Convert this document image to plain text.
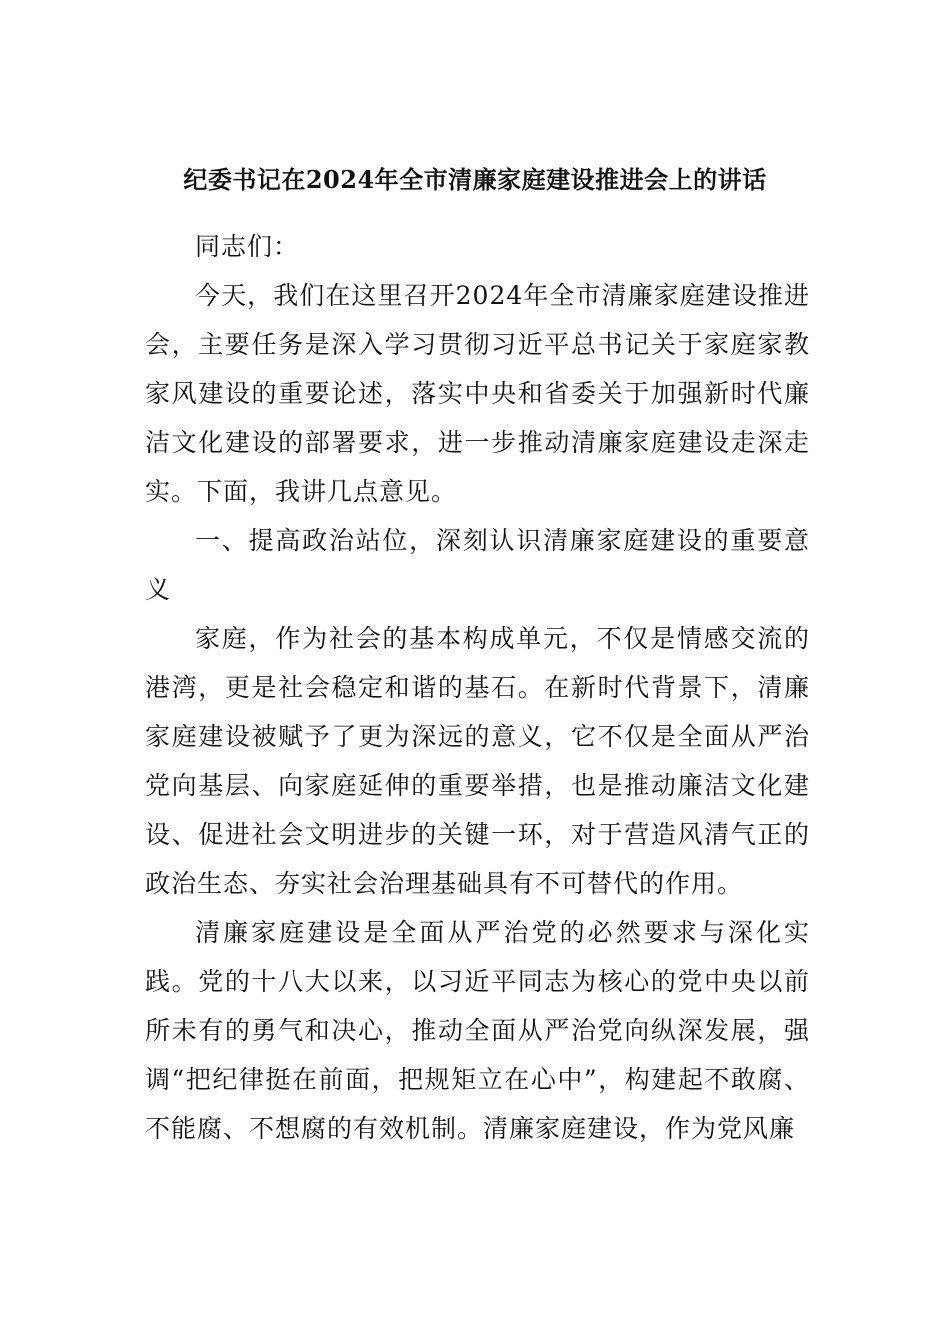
纪委书记在2024年全市清廉家庭建设推进会上的讲话

同志们：

今天，我们在这里召开2024年全市清廉家庭建设推进会，主要任务是深入学习贯彻习近平总书记关于家庭家教家风建设的重要论述，落实中央和省委关于加强新时代廉洁文化建设的部署要求，进一步推动清廉家庭建设走深走实。下面，我讲几点意见。

一、提高政治站位，深刻认识清廉家庭建设的重要意义

家庭，作为社会的基本构成单元，不仅是情感交流的港湾，更是社会稳定和谐的基石。在新时代背景下，清廉家庭建设被赋予了更为深远的意义，它不仅是全面从严治党向基层、向家庭延伸的重要举措，也是推动廉洁文化建设、促进社会文明进步的关键一环，对于营造风清气正的政治生态、夯实社会治理基础具有不可替代的作用。

清廉家庭建设是全面从严治党的必然要求与深化实践。党的十八大以来，以习近平同志为核心的党中央以前所未有的勇气和决心，推动全面从严治党向纵深发展，强调“把纪律挺在前面，把规矩立在心中”，构建起不敢腐、不能腐、不想腐的有效机制。清廉家庭建设，作为党风廉
